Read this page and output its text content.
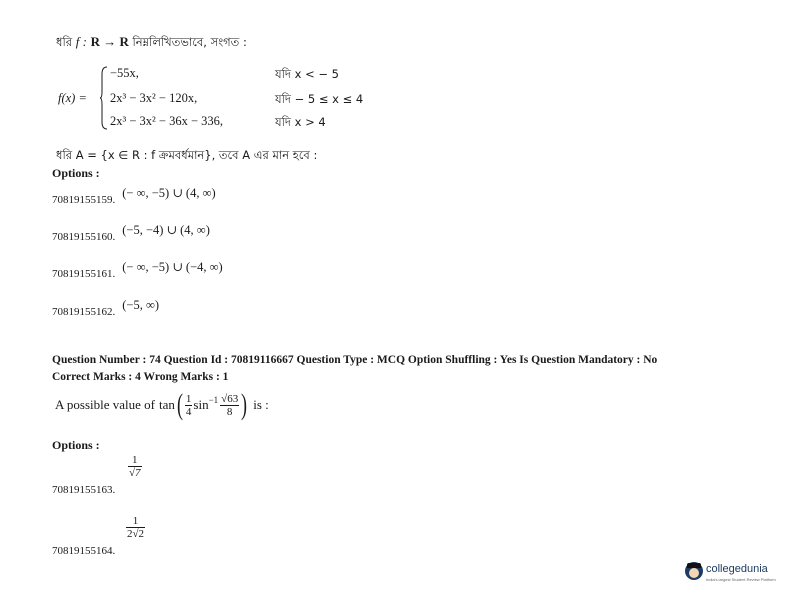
ধরি f : R → R নিম্নলিখিতভাবে, সংগত :
f(x) =
−55x,
2x³ − 3x² − 120x,
2x³ − 3x² − 36x − 336,
যদি x < − 5
যদি − 5 ≤ x ≤ 4
যদি x > 4
ধরি A = {x ∈ R : f ক্রমবর্ধমান}, তবে A এর মান হবে :
Options :
$_{70819155159.}$ (− ∞, −5) ∪ (4, ∞)
$_{70819155160.}$ (−5, −4) ∪ (4, ∞)
$_{70819155161.}$ (− ∞, −5) ∪ (−4, ∞)
$_{70819155162.}$ (−5, ∞)
Question Number : 74 Question Id : 70819116667 Question Type : MCQ Option Shuffling : Yes Is Question Mandatory : No
Correct Marks : 4 Wrong Marks : 1
A possible value of tan ( $\frac{1}{4} \sin^{-1} \frac{√63}{8}$ ) is :
Options :
70819155163.
$\frac{1}{√7}$
70819155164.
$\frac{1}{2√2}$
collegedunia
India's largest Student Review Platform
